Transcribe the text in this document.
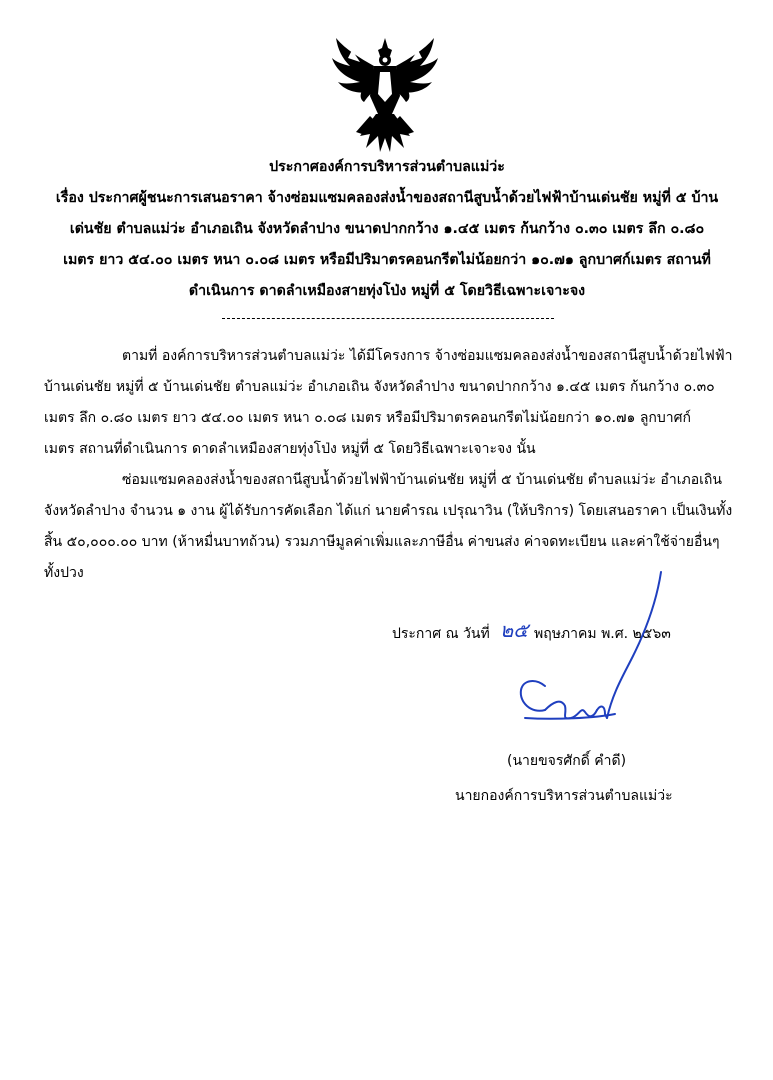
ประกาศองค์การบริหารส่วนตำบลแม่ว่ะ
เรื่อง ประกาศผู้ชนะการเสนอราคา จ้างซ่อมแซมคลองส่งน้ำของสถานีสูบน้ำด้วยไฟฟ้าบ้านเด่นชัย หมู่ที่ ๕ บ้าน
เด่นชัย ตำบลแม่ว่ะ อำเภอเถิน จังหวัดลำปาง ขนาดปากกว้าง ๑.๔๕ เมตร ก้นกว้าง ๐.๓๐ เมตร ลึก ๐.๘๐
เมตร ยาว ๕๔.๐๐ เมตร หนา ๐.๐๘ เมตร หรือมีปริมาตรคอนกรีตไม่น้อยกว่า ๑๐.๗๑ ลูกบาศก์เมตร สถานที่
ดำเนินการ ดาดลำเหมืองสายทุ่งโป่ง หมู่ที่ ๕ โดยวิธีเฉพาะเจาะจง
ตามที่ องค์การบริหารส่วนตำบลแม่ว่ะ ได้มีโครงการ จ้างซ่อมแซมคลองส่งน้ำของสถานีสูบน้ำด้วยไฟฟ้า
บ้านเด่นชัย หมู่ที่ ๕ บ้านเด่นชัย ตำบลแม่ว่ะ อำเภอเถิน จังหวัดลำปาง ขนาดปากกว้าง ๑.๔๕ เมตร ก้นกว้าง ๐.๓๐
เมตร ลึก ๐.๘๐ เมตร ยาว ๕๔.๐๐ เมตร หนา ๐.๐๘ เมตร หรือมีปริมาตรคอนกรีตไม่น้อยกว่า ๑๐.๗๑ ลูกบาศก์
เมตร สถานที่ดำเนินการ ดาดลำเหมืองสายทุ่งโป่ง หมู่ที่ ๕ โดยวิธีเฉพาะเจาะจง นั้น
ซ่อมแซมคลองส่งน้ำของสถานีสูบน้ำด้วยไฟฟ้าบ้านเด่นชัย หมู่ที่ ๕ บ้านเด่นชัย ตำบลแม่ว่ะ อำเภอเถิน
จังหวัดลำปาง จำนวน ๑ งาน ผู้ได้รับการคัดเลือก ได้แก่ นายคำรณ เปรุณาวิน (ให้บริการ) โดยเสนอราคา เป็นเงินทั้ง
สิ้น ๕๐,๐๐๐.๐๐ บาท (ห้าหมื่นบาทถ้วน) รวมภาษีมูลค่าเพิ่มและภาษีอื่น ค่าขนส่ง ค่าจดทะเบียน และค่าใช้จ่ายอื่นๆ
ทั้งปวง
ประกาศ ณ วันที่ ๒๕ พฤษภาคม พ.ศ. ๒๕๖๓
(นายขจรศักดิ์ คำดี)
นายกองค์การบริหารส่วนตำบลแม่ว่ะ
